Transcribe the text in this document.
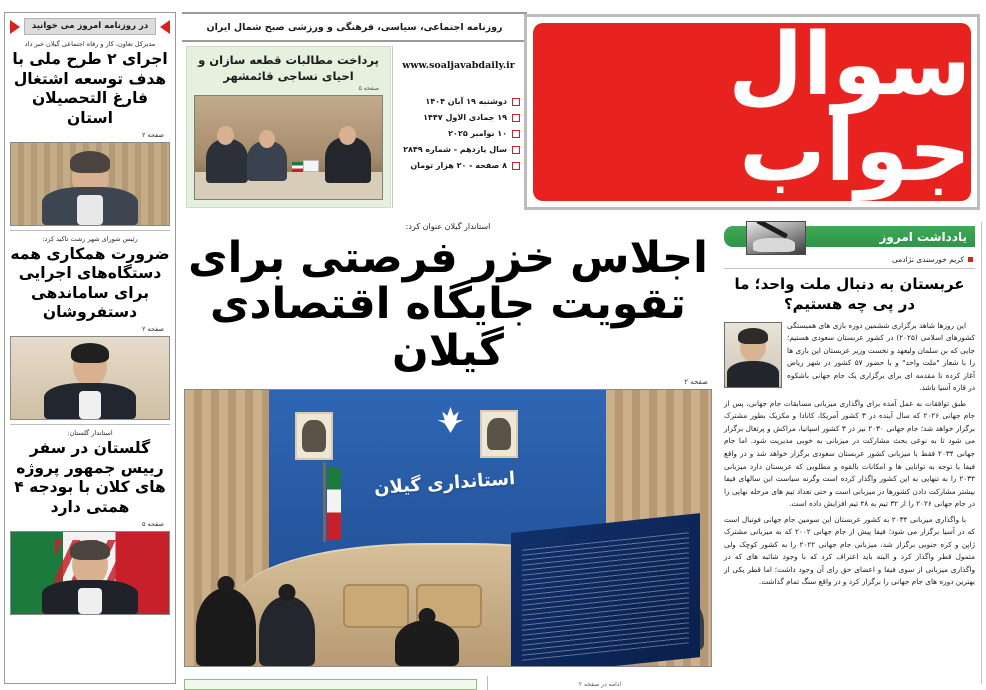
در روزنامه امروز می خوانید
مدیرکل تعاون، کار و رفاه اجتماعی گیلان خبر داد
اجرای ۲ طرح ملی با هدف توسعه اشتغال فارغ التحصیلان استان
صفحه ۲
رئیس شورای شهر رشت تاکید کرد:
ضرورت همکاری همه دستگاه‌های اجرایی برای ساماندهی دستفروشان
صفحه ۲
استاندار گلستان:
گلستان در سفر رییس جمهور پروژه های کلان با بودجه ۴ همتی دارد
صفحه ۵
روزنامه اجتماعی، سیاسی، فرهنگی و ورزشی صبح شمال ایران
پرداخت مطالبات قطعه سازان و احیای نساجی قائمشهر
صفحه ۵
www.soaljavabdaily.ir
دوشنبه ۱۹ آبان ۱۴۰۴
۱۹ جمادی الاول ۱۴۴۷
۱۰ نوامبر ۲۰۲۵
سال یازدهم - شماره ۲۸۴۹
۸ صفحه - ۲۰ هزار تومان
سوال جواب
استاندار گیلان عنوان کرد:
اجلاس خزر فرصتی برای تقویت جایگاه اقتصادی گیلان
صفحه ۲
استانداری گیلان
یادداشت امروز
کریم خورسندی نژادمی
عربستان به دنبال ملت واحد؛ ما در پی چه هستیم؟

این روزها شاهد برگزاری ششمین دوره بازی های همبستگی کشورهای اسلامی (۲۰۲۵) در کشور عربستان سعودی هستیم؛ جایی که بن سلمان ولیعهد و نخست وزیر عربستان این بازی ها را با شعار "ملت واحد" و با حضور ۵۷ کشور در شهر ریاض آغاز کرده تا مقدمه ای برای برگزاری یک جام جهانی باشکوه در قاره آسیا باشد.

طبق توافقات به عمل آمده برای واگذاری میزبانی مسابقات جام جهانی، پس از جام جهانی ۲۰۲۶ که سال آینده در ۳ کشور آمریکا، کانادا و مکزیک بطور مشترک برگزار خواهد شد؛ جام جهانی ۲۰۳۰ نیز در ۳ کشور اسپانیا، مراکش و پرتغال برگزار می شود تا به نوعی بحث مشارکت در میزبانی به خوبی مدیریت شود. اما جام جهانی ۲۰۳۴ فقط با میزبانی کشور عربستان سعودی برگزار خواهد شد و در واقع فیفا با توجه به توانایی ها و امکانات بالقوه و مطلوبی که عربستان دارد میزبانی ۲۰۳۴ را به تنهایی به این کشور واگذار کرده است وگرنه سیاست این سالهای فیفا بیشتر مشارکت دادن کشورها در میزبانی است و حتی تعداد تیم های مرحله نهایی را در جام جهانی ۲۰۲۶ را از ۳۲ تیم به ۴۸ تیم افزایش داده است.

با واگذاری میزبانی ۲۰۳۴ به کشور عربستان این سومین جام جهانی فوتبال است که در آسیا برگزار می شود؛ فیفا پیش از جام جهانی ۲۰۰۲ که به میزبانی مشترک ژاپن و کره جنوبی برگزار شد، میزبانی جام جهانی ۲۰۲۲ را به کشور کوچک ولی متمول قطر واگذار کرد و البته باید اعتراف کرد که با وجود شائبه های که در واگذاری میزبانی از سوی فیفا و اعضای حق رای آن وجود داشت؛ اما قطر یکی از بهترین دوره های جام جهانی را برگزار کرد و در واقع سنگ تمام گذاشت.

ادامه در صفحه ۲
